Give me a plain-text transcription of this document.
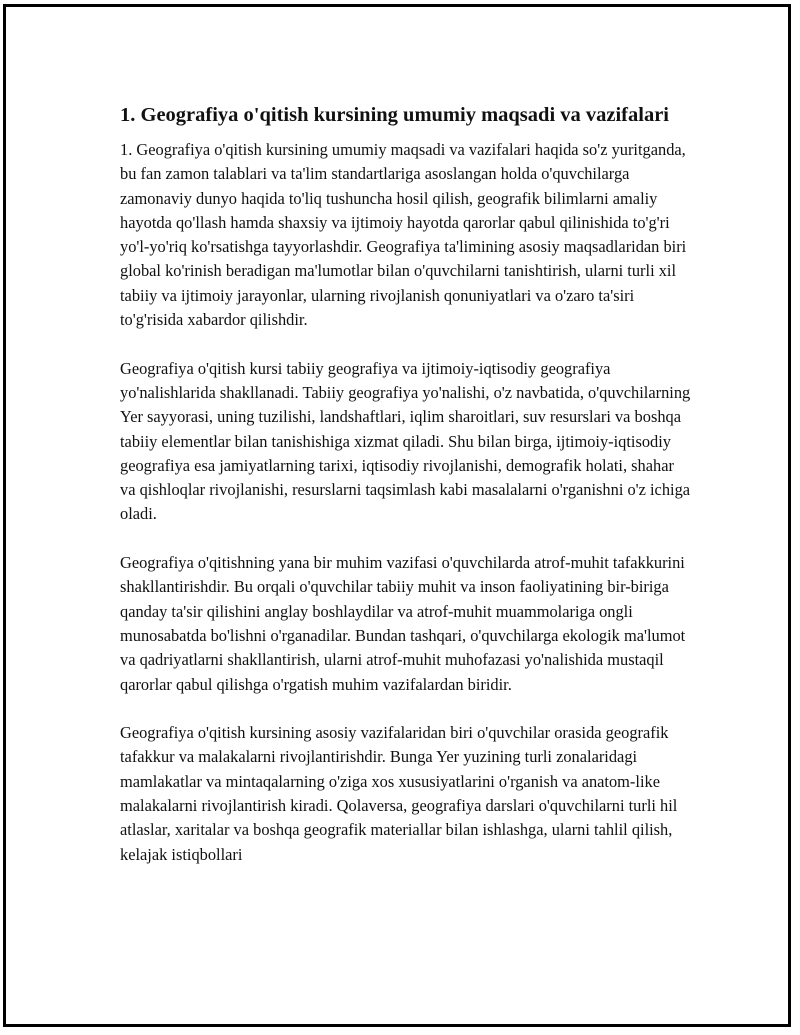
1. Geografiya o'qitish kursining umumiy maqsadi va vazifalari

1. Geografiya o'qitish kursining umumiy maqsadi va vazifalari haqida so'z yuritganda, bu fan zamon talablari va ta'lim standartlariga asoslangan holda o'quvchilarga zamonaviy dunyo haqida to'liq tushuncha hosil qilish, geografik bilimlarni amaliy hayotda qo'llash hamda shaxsiy va ijtimoiy hayotda qarorlar qabul qilinishida to'g'ri yo'l-yo'riq ko'rsatishga tayyorlashdir. Geografiya ta'limining asosiy maqsadlaridan biri global ko'rinish beradigan ma'lumotlar bilan o'quvchilarni tanishtirish, ularni turli xil tabiiy va ijtimoiy jarayonlar, ularning rivojlanish qonuniyatlari va o'zaro ta'siri to'g'risida xabardor qilishdir.

Geografiya o'qitish kursi tabiiy geografiya va ijtimoiy-iqtisodiy geografiya yo'nalishlarida shakllanadi. Tabiiy geografiya yo'nalishi, o'z navbatida, o'quvchilarning Yer sayyorasi, uning tuzilishi, landshaftlari, iqlim sharoitlari, suv resurslari va boshqa tabiiy elementlar bilan tanishishiga xizmat qiladi. Shu bilan birga, ijtimoiy-iqtisodiy geografiya esa jamiyatlarning tarixi, iqtisodiy rivojlanishi, demografik holati, shahar va qishloqlar rivojlanishi, resurslarni taqsimlash kabi masalalarni o'rganishni o'z ichiga oladi.

Geografiya o'qitishning yana bir muhim vazifasi o'quvchilarda atrof-muhit tafakkurini shakllantirishdir. Bu orqali o'quvchilar tabiiy muhit va inson faoliyatining bir-biriga qanday ta'sir qilishini anglay boshlaydilar va atrof-muhit muammolariga ongli munosabatda bo'lishni o'rganadilar. Bundan tashqari, o'quvchilarga ekologik ma'lumot va qadriyatlarni shakllantirish, ularni atrof-muhit muhofazasi yo'nalishida mustaqil qarorlar qabul qilishga o'rgatish muhim vazifalardan biridir.

Geografiya o'qitish kursining asosiy vazifalaridan biri o'quvchilar orasida geografik tafakkur va malakalarni rivojlantirishdir. Bunga Yer yuzining turli zonalaridagi mamlakatlar va mintaqalarning o'ziga xos xususiyatlarini o'rganish va anatom-like malakalarni rivojlantirish kiradi. Qolaversa, geografiya darslari o'quvchilarni turli hil atlaslar, xaritalar va boshqa geografik materiallar bilan ishlashga, ularni tahlil qilish, kelajak istiqbollari
